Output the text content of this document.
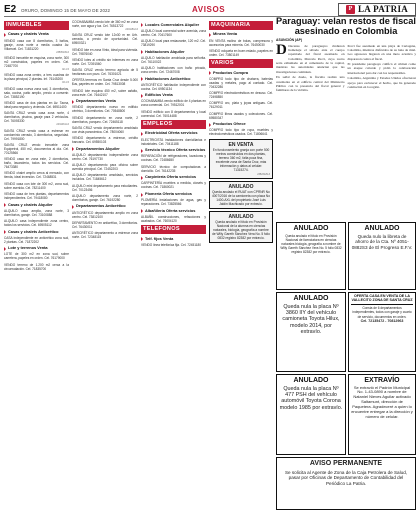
E2 ORURO, DOMINGO 15 DE MAYO DE 2022	AVISOS	P LA PATRIA
INMUEBLES
Casas y chalets Venta
VENDO casa con 8 dormitorios, 3 baños, garaje, zona norte a media cuadra Av. Villarroel. Cel. 71831220
23505109-6
VENDO inmueble en esquina, zona norte, 300 m2 construidos, papeles en orden. Cel. 72487700
02-1-5
VENDO casa zona centro, a tres cuadras de la plaza principal, 2 plantas. Inf. 76145200
03-1-5
VENDO casa nueva zona sud, 3 dormitorios, sala, cocina, patio amplio, precio a convenir. Cel. 73852190
VENDO casa de dos plantas en Av. Tacna, ideal para negocio y vivienda. Cel. 69511400
SANTA CRUZ vendo casa zona norte, 4 dormitorios, piscina, garaje para 2 vehículos. Cel. 76093330
24310311-6
SANTA CRUZ vendo casa a estrenar en condominio cerrado, 3 dormitorios, seguridad. Cel. 79991800
SANTA CRUZ vendo inmueble zona Equipetrol, 450 m2, documentos al día. Cel. 70125566
VENDO casa en zona este, 2 dormitorios, baño, lavandería, todos los servicios. Cel. 76473380
VENDO chalet amplio cerca al mercado, con tienda, ideal inversión. Cel. 72468531
VENDO casa con lote de 300 m2, zona sud, sobre avenida. Cel. 78211400
VENDO casa de tres plantas, departamentos independientes. Cel. 79418080
Casas y chalets Alquiler
ALQUILO casa amplia, zona norte, 3 dormitorios, garaje. Cel. 73100888
ALQUILO casa independiente zona centro, todos los servicios. Cel. 69505112
Casas y chalets Anticrético
CASA independiente en anticrético zona sud, 2 plantas. Cel. 71872202
Lote y terrenos Venta
LOTE de 300 m2 en zona sud, sobre carretera, papeles en orden. Cel. 76179000
VENDO terreno de 1.200 m2 cerca a la circunvalación. Cel. 71835700
COCHABAMBA vendo lote de 360 m2 en zona norte, con agua y luz. Cel. 76513722
24011512-6
SANTA CRUZ vendo lote 12x30 m en Urb. cerrada, a precio de oportunidad. Cel. 69500321
VENDO lote en zona Vinto, ideal para vivienda. Cel. 79876040
VENDO lotes al crédito sin intereses en zona norte. Cel. 72391560
SANTA CRUZ vendo terreno agrícola de 5 hectáreas con pozo. Cel. 76301021
OFERTA terrenos en Santa Cruz desde 5.000 $us, papeles en orden. Cel. 79813008
VENDO lote esquina 450 m2, sobre asfalto, zona este. Cel. 76442107
Departamentos Venta
VENDO departamento nuevo en edificio céntrico, 3 dormitorios. Cel. 70548800
VENDO departamento en zona norte, 2 dormitorios, parqueo. Cel. 72465118
SANTA CRUZ vendo departamento amoblado con vista panorámica. Cel. 78004060
VENDO departamento a estrenar, crédito bancario. Cel. 69550103
Departamentos Alquiler
ALQUILO departamento independiente zona centro. Cel. 76197730
ALQUILO departamento para oficina sobre avenida principal. Cel. 72452203
ALQUILO departamento amoblado, servicios incluidos. Cel. 71845612
ALQUILO mini departamento para estudiantes. Cel. 70123456
ALQUILO departamento zona norte, 2 dormitorios, garaje. Cel. 76192280
Departamentos Anticrético
ANTICRÉTICO departamento amplio en zona centro. Cel. 73812100
DEPARTAMENTO en anticrético, 3 dormitorios. Cel. 76430011
ANTICRÉTICO departamento a estrenar zona norte. Cel. 72348115
Locales Comerciales Alquiler
ALQUILO local comercial sobre avenida, zona centro. Cel. 70417600
ALQUILO local para restaurante, 120 m2. Cel. 73819290
Habitaciones Alquiler
ALQUILO habitación amoblada para señorita. Cel. 76110022
ALQUILO habitaciones con baño privado, zona centro. Cel. 72467008
Habitaciones Anticrético
ANTICRÉTICO habitación independiente con cocina. Cel. 69501134
Edificios Venta
COCHABAMBA vendo edificio de 4 plantas en zona comercial. Cel. 79512001
VENDO edificio con 8 departamentos y local comercial. Cel. 76014488
EMPLEOS
Electricidad Oferta servicios
ELECTRICISTA instalaciones domiciliarias e industriales. Cel. 70411188
Servicio técnico Oferta servicios
REPARACIÓN de refrigeradores, lavadoras y cocinas. Cel. 72486650
SERVICIO técnico de computadoras a domicilio. Cel. 76142235
Carpintería Oferta servicios
CARPINTERÍA muebles a medida, closets y cocinas. Cel. 71860021
Plomería Oferta servicios
PLOMERÍA instalaciones de agua, gas y reparaciones. Cel. 73825566
Albañilería Oferta servicios
ALBAÑIL construcciones, refacciones y acabados. Cel. 76004120
TELEFONOS
Telf. fijos Venta
VENDO línea telefónica fija. Cel. 72451180
MAQUINARIA
Minera Venta
EN VENTA molino de bolas, compresora y accesorios para minería. Cel. 76450030
VENDO volqueta en buen estado, papeles en orden. Cel. 73801149
VARIOS
Productos Compra
COMPRO todo tipo de chatarra, baterías usadas y metales, pago al contado. Cel. 70432286
COMPRO electrodomésticos en desuso. Cel. 72498850
COMPRO oro, plata y joyas antiguas. Cel. 76129011
COMPRO libros usados y colecciones. Cel. 69580347
Productos Ofrece
COMPRO todo tipo de ropa, muebles y electrodomésticos usados. Cel. 71806641
EN VENTA
En funcionamiento granja con porte 500 metros construidos en dos plantas, terreno 360 m2, falta poca fina, excelente zona de Santa Cruz, más información y datos al celular: 71315274.
23523129-3
ANULADO
Queda anulado el RUAT con CPRNR No 4007/2016 de la camioneta con placa No 1400-AXL del propietario José Luis Jaldín Machicado por extravío.
ANULADO
Queda anulado el título en Provisión Nacional de la alumna en ciencias naturales, biología, geografía a nombre de Willy Gareth Sánchez Vera No. 5 folio 0832 registro 82382 por extravío.
Paraguay: velan restos de fiscal asesinado en Colombia
ASUNCIÓN (AP)

D Decenas de paraguayos rindieron homenaje el sábado ante el cuerpo repatriado del fiscal asesinado en Colombia, Marcelo Pecci, cuyo rostro sería exhumado en el cementerio de la capital, mientras las autoridades anuncian que las investigaciones continúan.

En señal de duelo, la fiscalía realizó una ceremonia en el edificio central del Ministerio Público con la presencia del fiscal general y familiares de la víctima.

Pecci fue asesinado en una playa de Cartagena, Colombia, mientras disfrutaba de su luna de miel. Los agresores llegaron en una moto acuática y dispararon contra el fiscal.

El presidente paraguayo calificó el crimen como un ataque cobarde y pidió la colaboración internacional para dar con los responsables.

Colombia, Argentina y Estados Unidos ofrecieron apoyo para esclarecer el hecho, que ha generado conmoción en la región.

ANULADO
Queda anulado el título en Provisión Nacional de licenciatura en ciencias naturales biología, geografía a nombre de Willy Gareth Sánchez Vera No. 5 folio 0832 registro 82382 por extravío.
ANULADO
Queda nulo la libreta de ahorro de la Cta. Nº 4051-0882S3 de El Progreso E.F.V.
ANULADO
Queda nula la placa Nº 3860 IIY del vehículo camioneta Toyota Hilux, modelo 2014, por extravío.
OFERTA CASA EN VENTA DE LA VALLECITO ZONA DE SANTA CRUZ
Consta de 6 departamentos independientes, todos con garaje y cuarto de servicio, documentos en orden.
Cel. 72135472 - 70812963
ANULADO
Queda nula la placa Nº 477 PSH del vehículo automóvil Toyota Corona modelo 1985 por extravío.
EXTRAVÍO
Se extravió el Padrón Municipal No. 1-43-0890 a nombre de Nataniel Nieves Aguilar activado Saltamunt, dirección de Paquetera. Agradeceré a quien lo encuentre entregar a la dirección y número de celular.
AVISO PERMANENTE
Se solicita al Agente de Zona de la Caja Petrolera de Salud, pasar por Oficinas de Departamento de Contabilidad del Periódico La Patria.
